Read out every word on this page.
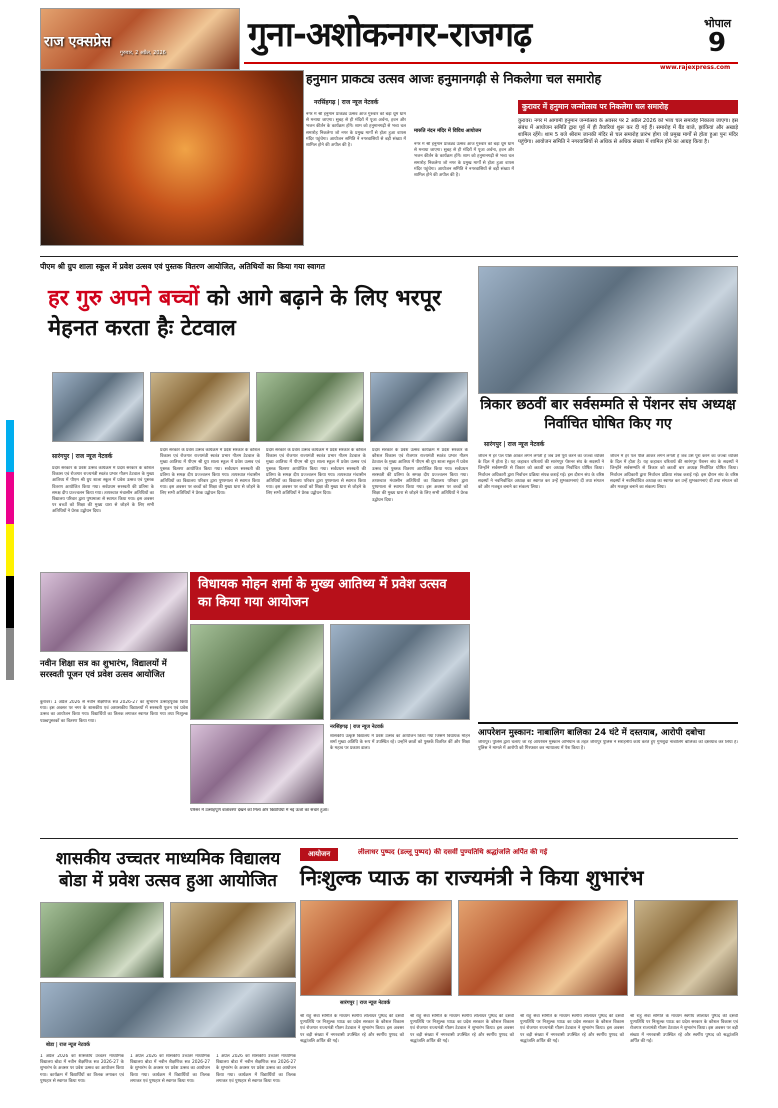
राज एक्सप्रेस
गुरुवार, 2 अप्रैल, 2026 गुना-अशोकनगर-राजगढ़	भोपाल
9
www.rajexpress.com
हनुमान प्राकट्य उत्सव आजः हनुमानगढ़ी से निकलेगा चल समारोह
नरसिंहगढ़ | राज न्यूज नेटवर्क
नगर में श्री हनुमान प्राकट्य उत्सव आज गुरुवार को बड़ा धूम धाम से मनाया जाएगा। सुबह से ही मंदिरों में पूजा अर्चना, हवन और भजन कीर्तन के कार्यक्रम होंगे। शाम को हनुमानगढ़ी से भव्य चल समारोह निकलेगा जो नगर के प्रमुख मार्गों से होता हुआ वापस मंदिर पहुंचेगा। आयोजन समिति ने नगरवासियों से बड़ी संख्या में शामिल होने की अपील की है।
मारुति नंदन मंदिर में विविध आयोजन
नगर में श्री हनुमान प्राकट्य उत्सव आज गुरुवार को बड़ा धूम धाम से मनाया जाएगा। सुबह से ही मंदिरों में पूजा अर्चना, हवन और भजन कीर्तन के कार्यक्रम होंगे। शाम को हनुमानगढ़ी से भव्य चल समारोह निकलेगा जो नगर के प्रमुख मार्गों से होता हुआ वापस मंदिर पहुंचेगा। आयोजन समिति ने नगरवासियों से बड़ी संख्या में शामिल होने की अपील की है।
कुरावर में हनुमान जन्मोत्सव पर निकलेगा चल समारोह
कुरावर। नगर में आगामी हनुमान जन्मोत्सव के अवसर पर 2 अप्रैल 2026 को भव्य चल समारोह निकाला जाएगा। इस संबंध में आयोजन समिति द्वारा पूर्व में ही तैयारियां शुरू कर दी गई हैं। समारोह में बैंड बाजे, झांकियां और अखाड़े शामिल रहेंगे। शाम 5 बजे श्रीराम जानकी मंदिर से चल समारोह प्रारंभ होगा जो प्रमुख मार्गों से होता हुआ पुनः मंदिर पहुंचेगा। आयोजन समिति ने नगरवासियों से अधिक से अधिक संख्या में शामिल होने का आग्रह किया है।
पीएम श्री ग्रुप शाला स्कूल में प्रवेश उत्सव एवं पुस्तक वितरण आयोजित, अतिथियों का किया गया स्वागत
हर गुरु अपने बच्चों को आगे बढ़ाने के लिए भरपूर मेहनत करता हैः टेटवाल
सारंगपुर | राज न्यूज नेटवर्क
प्रदेश सरकार के प्रवेश उत्सव कार्यक्रम में प्रदेश सरकार के कौशल विकास एवं रोजगार राज्यमंत्री स्वतंत्र प्रभार गौतम टेटवाल के मुख्य आतिथ्य में पीएम श्री ग्रुप शाला स्कूल में प्रवेश उत्सव एवं पुस्तक वितरण आयोजित किया गया। सर्वप्रथम सरस्वती की प्रतिमा के समक्ष दीप प्रज्ज्वलन किया गया। तत्पश्चात मंचासीन अतिथियों का विद्यालय परिवार द्वारा पुष्पमाला से स्वागत किया गया। इस अवसर पर बच्चों को शिक्षा की मुख्य धारा से जोड़ने के लिए सभी अतिथियों ने प्रेरक उद्बोधन दिया।
प्रदेश सरकार के प्रवेश उत्सव कार्यक्रम में प्रदेश सरकार के कौशल विकास एवं रोजगार राज्यमंत्री स्वतंत्र प्रभार गौतम टेटवाल के मुख्य आतिथ्य में पीएम श्री ग्रुप शाला स्कूल में प्रवेश उत्सव एवं पुस्तक वितरण आयोजित किया गया। सर्वप्रथम सरस्वती की प्रतिमा के समक्ष दीप प्रज्ज्वलन किया गया। तत्पश्चात मंचासीन अतिथियों का विद्यालय परिवार द्वारा पुष्पमाला से स्वागत किया गया। इस अवसर पर बच्चों को शिक्षा की मुख्य धारा से जोड़ने के लिए सभी अतिथियों ने प्रेरक उद्बोधन दिया।
प्रदेश सरकार के प्रवेश उत्सव कार्यक्रम में प्रदेश सरकार के कौशल विकास एवं रोजगार राज्यमंत्री स्वतंत्र प्रभार गौतम टेटवाल के मुख्य आतिथ्य में पीएम श्री ग्रुप शाला स्कूल में प्रवेश उत्सव एवं पुस्तक वितरण आयोजित किया गया। सर्वप्रथम सरस्वती की प्रतिमा के समक्ष दीप प्रज्ज्वलन किया गया। तत्पश्चात मंचासीन अतिथियों का विद्यालय परिवार द्वारा पुष्पमाला से स्वागत किया गया। इस अवसर पर बच्चों को शिक्षा की मुख्य धारा से जोड़ने के लिए सभी अतिथियों ने प्रेरक उद्बोधन दिया।
प्रदेश सरकार के प्रवेश उत्सव कार्यक्रम में प्रदेश सरकार के कौशल विकास एवं रोजगार राज्यमंत्री स्वतंत्र प्रभार गौतम टेटवाल के मुख्य आतिथ्य में पीएम श्री ग्रुप शाला स्कूल में प्रवेश उत्सव एवं पुस्तक वितरण आयोजित किया गया। सर्वप्रथम सरस्वती की प्रतिमा के समक्ष दीप प्रज्ज्वलन किया गया। तत्पश्चात मंचासीन अतिथियों का विद्यालय परिवार द्वारा पुष्पमाला से स्वागत किया गया। इस अवसर पर बच्चों को शिक्षा की मुख्य धारा से जोड़ने के लिए सभी अतिथियों ने प्रेरक उद्बोधन दिया।
त्रिकार छठवीं बार सर्वसम्मति से पेंशनर संघ अध्यक्ष निर्वाचित घोषित किए गए
सारंगपुर | राज न्यूज नेटवर्क
जीवन में हर पल पीछे आकर लगने लगती है जब उसे पूरा करने का जज्बा व्यक्ति के दिल में होता है। यह कहावत चरितार्थ की सारंगपुर पेंशनर संघ के सदस्यों ने जिन्होंने सर्वसम्मति से त्रिकार को छठवीं बार अध्यक्ष निर्वाचित घोषित किया। निर्वाचन अधिकारी द्वारा निर्वाचन प्रक्रिया संपन्न कराई गई। इस दौरान संघ के वरिष्ठ सदस्यों ने नवनिर्वाचित अध्यक्ष का स्वागत कर उन्हें शुभकामनाएं दीं तथा संगठन को और मजबूत बनाने का संकल्प लिया।
जीवन में हर पल पीछे आकर लगने लगती है जब उसे पूरा करने का जज्बा व्यक्ति के दिल में होता है। यह कहावत चरितार्थ की सारंगपुर पेंशनर संघ के सदस्यों ने जिन्होंने सर्वसम्मति से त्रिकार को छठवीं बार अध्यक्ष निर्वाचित घोषित किया। निर्वाचन अधिकारी द्वारा निर्वाचन प्रक्रिया संपन्न कराई गई। इस दौरान संघ के वरिष्ठ सदस्यों ने नवनिर्वाचित अध्यक्ष का स्वागत कर उन्हें शुभकामनाएं दीं तथा संगठन को और मजबूत बनाने का संकल्प लिया।
नवीन शिक्षा सत्र का शुभारंभ, विद्यालयों में सरस्वती पूजन एवं प्रवेश उत्सव आयोजित
कुरावर। 1 अप्रैल 2026 से नवीन शैक्षणिक सत्र 2026-27 का शुभारंभ उत्साहपूर्वक किया गया। इस अवसर पर नगर के शासकीय एवं अशासकीय विद्यालयों में सरस्वती पूजन एवं प्रवेश उत्सव का आयोजन किया गया। विद्यार्थियों का तिलक लगाकर स्वागत किया गया तथा निःशुल्क पाठ्यपुस्तकों का वितरण किया गया।
विधायक मोहन शर्मा के मुख्य आतिथ्य में प्रवेश उत्सव का किया गया आयोजन
नरसिंहगढ़ | राज न्यूज नेटवर्क
शासकीय उत्कृष्ट विद्यालय में प्रवेश उत्सव का आयोजन किया गया जिसमें विधायक मोहन शर्मा मुख्य अतिथि के रूप में उपस्थित रहे। उन्होंने छात्रों को पुस्तकें वितरित कीं और शिक्षा के महत्व पर प्रकाश डाला।
परिसर में उत्साहपूर्ण वातावरण देखने को मिला और विद्यार्थियों में नई ऊर्जा का संचार हुआ।
आपरेशन मुस्कान: नाबालिग बालिका 24 घंटे में दस्तयाब, आरोपी दबोचा
जीरापुर। पुलिस द्वारा चलाए जा रहे ऑपरेशन मुस्कान अभियान के तहत जीरापुर पुलिस ने सराहनीय कार्य करते हुए गुमशुदा नाबालिग बालिका को दस्तयाब कर लिया है। पुलिस ने मामले में आरोपी को गिरफ्तार कर न्यायालय में पेश किया है।
शासकीय उच्चतर माध्यमिक विद्यालय बोडा में प्रवेश उत्सव हुआ आयोजित
बोडा | राज न्यूज नेटवर्क
1 अप्रैल 2026 को शासकीय उच्चतर माध्यमिक विद्यालय बोडा में नवीन शैक्षणिक सत्र 2026-27 के शुभारंभ के अवसर पर प्रवेश उत्सव का आयोजन किया गया। कार्यक्रम में विद्यार्थियों का तिलक लगाकर एवं पुष्पहार से स्वागत किया गया।
1 अप्रैल 2026 को शासकीय उच्चतर माध्यमिक विद्यालय बोडा में नवीन शैक्षणिक सत्र 2026-27 के शुभारंभ के अवसर पर प्रवेश उत्सव का आयोजन किया गया। कार्यक्रम में विद्यार्थियों का तिलक लगाकर एवं पुष्पहार से स्वागत किया गया।
1 अप्रैल 2026 को शासकीय उच्चतर माध्यमिक विद्यालय बोडा में नवीन शैक्षणिक सत्र 2026-27 के शुभारंभ के अवसर पर प्रवेश उत्सव का आयोजन किया गया। कार्यक्रम में विद्यार्थियों का तिलक लगाकर एवं पुष्पहार से स्वागत किया गया।
आयोजन	लीलाधर पुष्पद (डल्लू पुष्पद) की दसवीं पुण्यतिथि श्रद्धांजलि अर्पित की गई
निःशुल्क प्याऊ का राज्यमंत्री ने किया शुभारंभ
सारंगपुर | राज न्यूज नेटवर्क
श्री राहु सेवा समिति के माध्यम स्वर्गीय लीलाधर पुष्पद की दसवीं पुण्यतिथि पर निःशुल्क प्याऊ का प्रदेश सरकार के कौशल विकास एवं रोजगार राज्यमंत्री गौतम टेटवाल ने शुभारंभ किया। इस अवसर पर बड़ी संख्या में नगरवासी उपस्थित रहे और स्वर्गीय पुष्पद को श्रद्धांजलि अर्पित की गई।
श्री राहु सेवा समिति के माध्यम स्वर्गीय लीलाधर पुष्पद की दसवीं पुण्यतिथि पर निःशुल्क प्याऊ का प्रदेश सरकार के कौशल विकास एवं रोजगार राज्यमंत्री गौतम टेटवाल ने शुभारंभ किया। इस अवसर पर बड़ी संख्या में नगरवासी उपस्थित रहे और स्वर्गीय पुष्पद को श्रद्धांजलि अर्पित की गई।
श्री राहु सेवा समिति के माध्यम स्वर्गीय लीलाधर पुष्पद की दसवीं पुण्यतिथि पर निःशुल्क प्याऊ का प्रदेश सरकार के कौशल विकास एवं रोजगार राज्यमंत्री गौतम टेटवाल ने शुभारंभ किया। इस अवसर पर बड़ी संख्या में नगरवासी उपस्थित रहे और स्वर्गीय पुष्पद को श्रद्धांजलि अर्पित की गई।
श्री राहु सेवा समिति के माध्यम स्वर्गीय लीलाधर पुष्पद की दसवीं पुण्यतिथि पर निःशुल्क प्याऊ का प्रदेश सरकार के कौशल विकास एवं रोजगार राज्यमंत्री गौतम टेटवाल ने शुभारंभ किया। इस अवसर पर बड़ी संख्या में नगरवासी उपस्थित रहे और स्वर्गीय पुष्पद को श्रद्धांजलि अर्पित की गई।
